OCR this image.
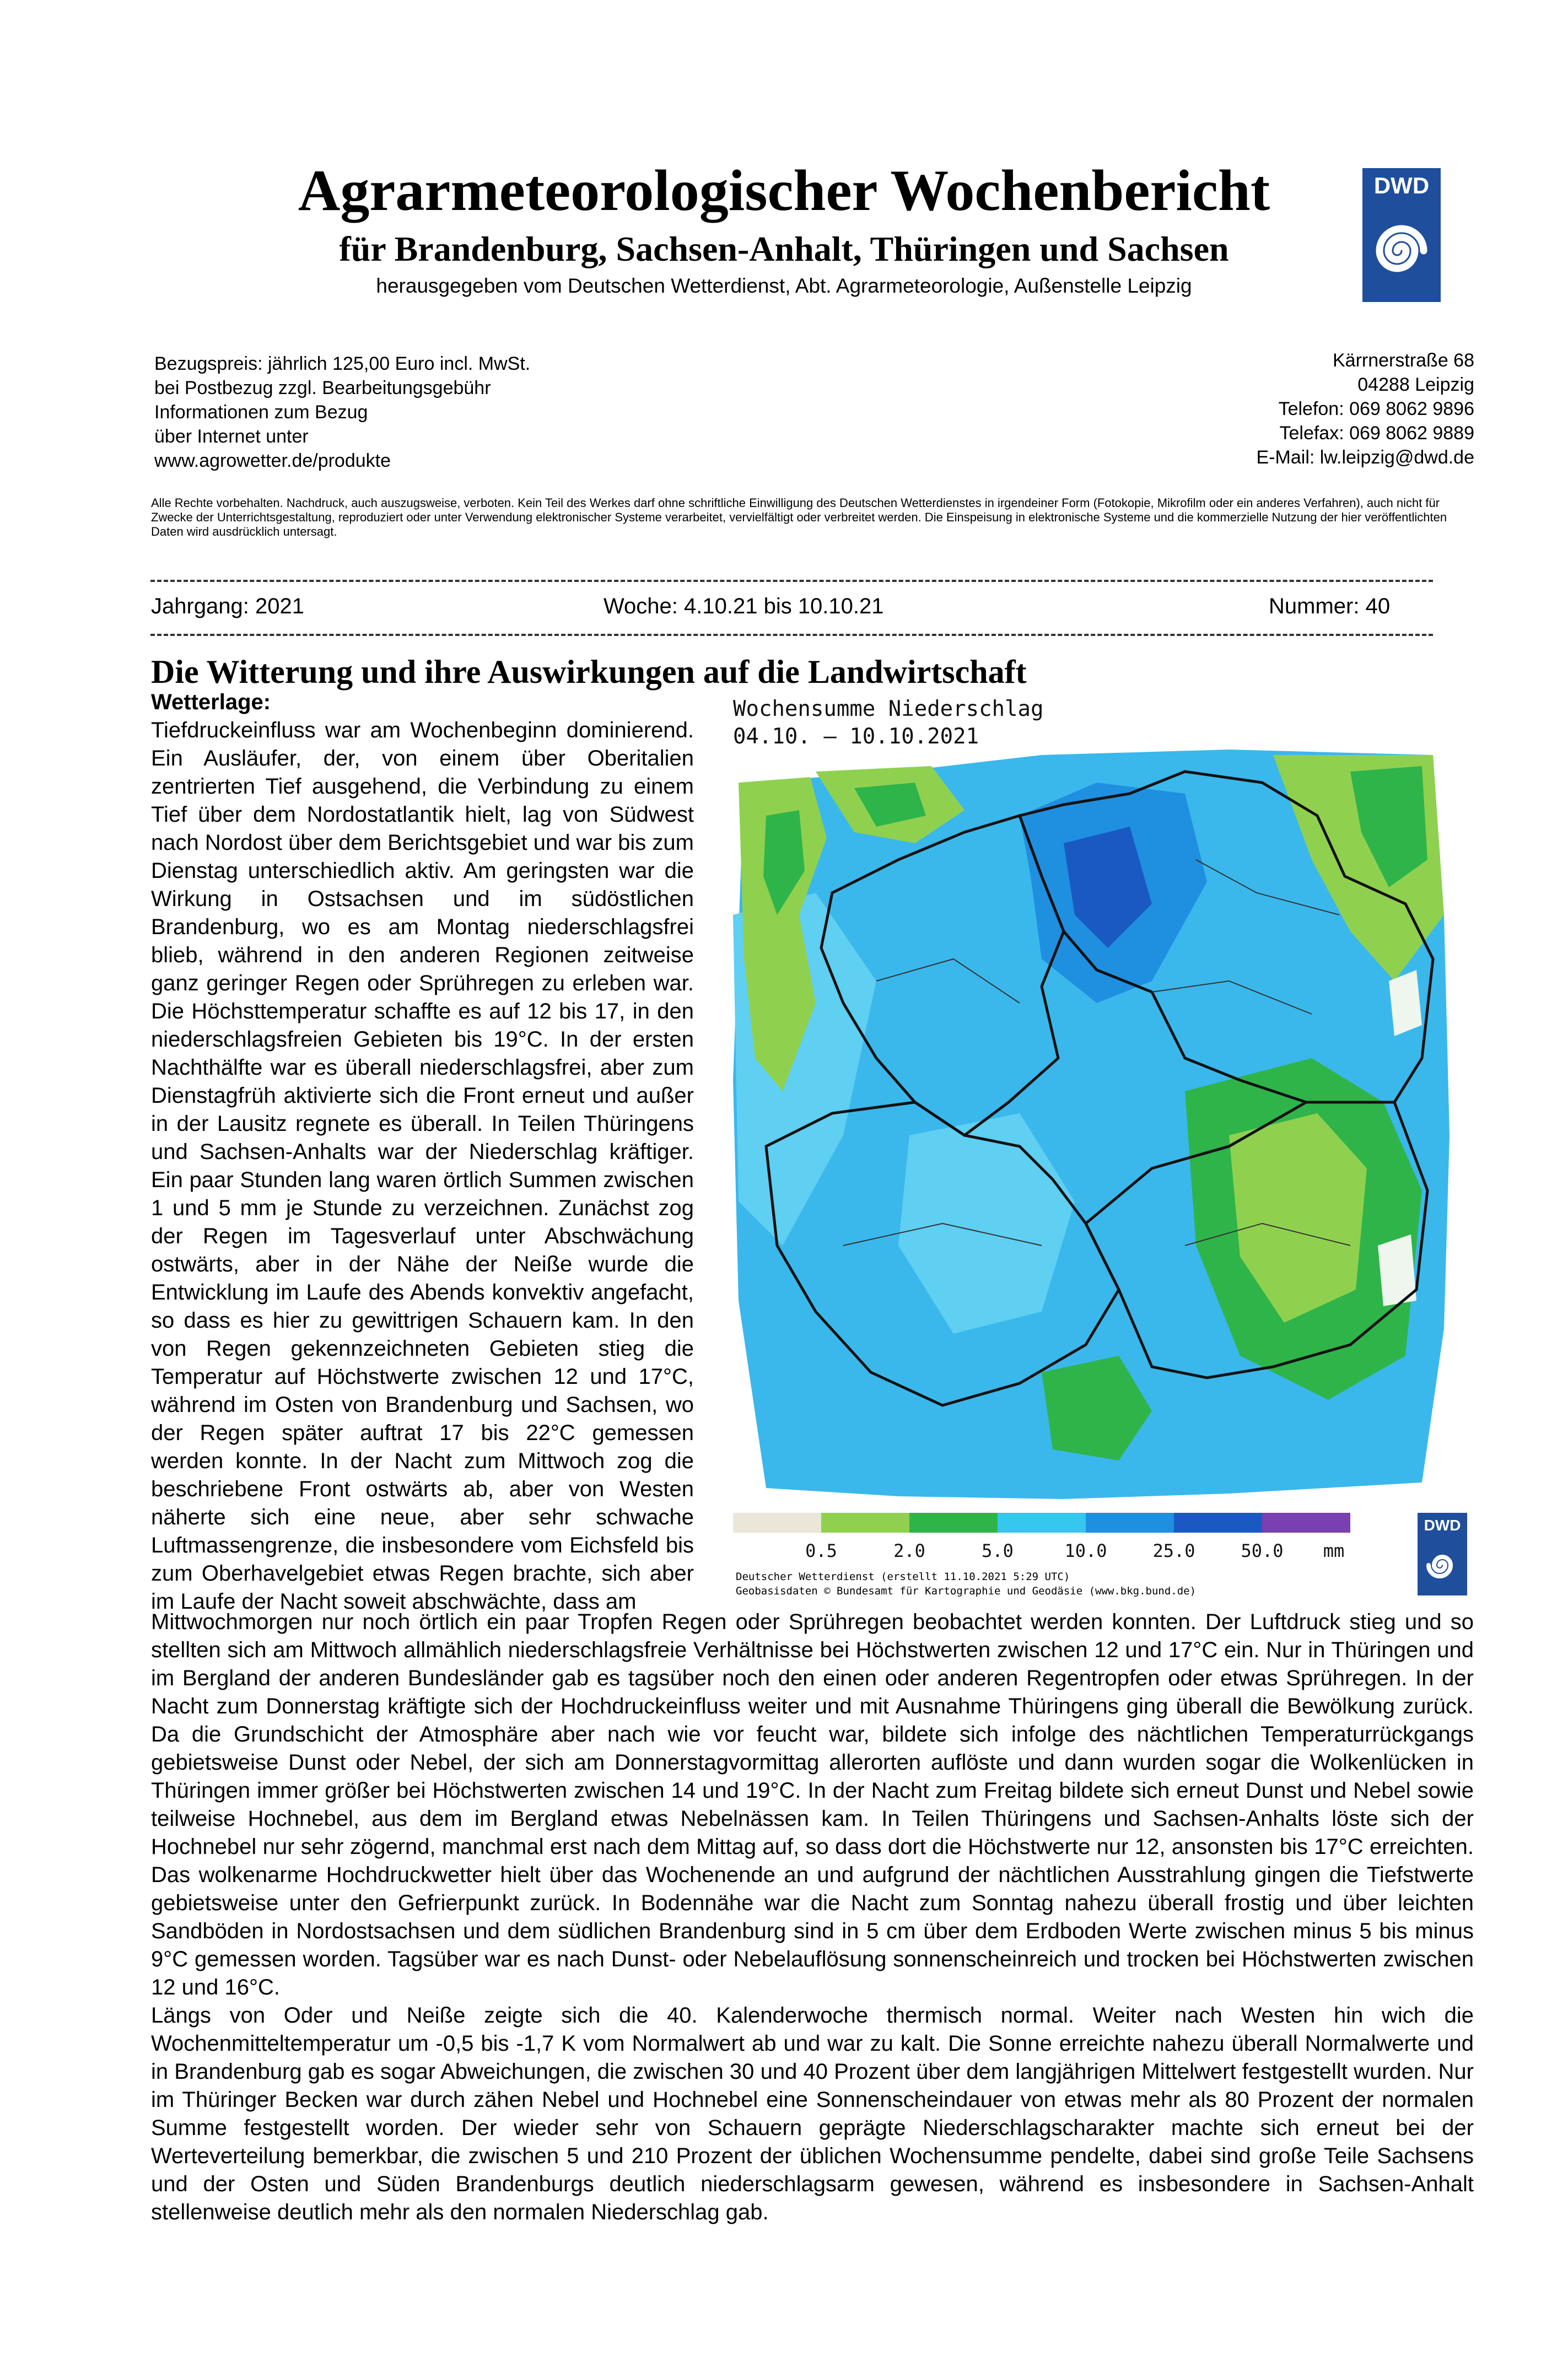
Agrarmeteorologischer Wochenbericht
für Brandenburg, Sachsen-Anhalt, Thüringen und Sachsen
herausgegeben vom Deutschen Wetterdienst, Abt. Agrarmeteorologie, Außenstelle Leipzig
DWD
Bezugspreis: jährlich 125,00 Euro incl. MwSt.
bei Postbezug zzgl. Bearbeitungsgebühr
Informationen zum Bezug
über Internet unter
www.agrowetter.de/produkte
Kärrnerstraße 68
04288 Leipzig
Telefon: 069 8062 9896
Telefax: 069 8062 9889
E-Mail: lw.leipzig@dwd.de
Alle Rechte vorbehalten. Nachdruck, auch auszugsweise, verboten. Kein Teil des Werkes darf ohne schriftliche Einwilligung des Deutschen Wetterdienstes in irgendeiner Form (Fotokopie, Mikrofilm oder ein anderes Verfahren), auch nicht für Zwecke der Unterrichtsgestaltung, reproduziert oder unter Verwendung elektronischer Systeme verarbeitet, vervielfältigt oder verbreitet werden. Die Einspeisung in elektronische Systeme und die kommerzielle Nutzung der hier veröffentlichten Daten wird ausdrücklich untersagt.
Jahrgang: 2021	Woche: 4.10.21 bis 10.10.21	Nummer: 40
Die Witterung und ihre Auswirkungen auf die Landwirtschaft
Wetterlage:

Tiefdruckeinfluss war am Wochenbeginn dominierend. Ein Ausläufer, der, von einem über Oberitalien zentrierten Tief ausgehend, die Verbindung zu einem Tief über dem Nordostatlantik hielt, lag von Südwest nach Nordost über dem Berichtsgebiet und war bis zum Dienstag unterschiedlich aktiv. Am geringsten war die Wirkung in Ostsachsen und im südöstlichen Brandenburg, wo es am Montag niederschlagsfrei blieb, während in den anderen Regionen zeitweise ganz geringer Regen oder Sprühregen zu erleben war. Die Höchsttemperatur schaffte es auf 12 bis 17, in den niederschlagsfreien Gebieten bis 19°C. In der ersten Nachthälfte war es überall niederschlagsfrei, aber zum Dienstagfrüh aktivierte sich die Front erneut und außer in der Lausitz regnete es überall. In Teilen Thüringens und Sachsen-Anhalts war der Niederschlag kräftiger. Ein paar Stunden lang waren örtlich Summen zwischen 1 und 5 mm je Stunde zu verzeichnen. Zunächst zog der Regen im Tagesverlauf unter Abschwächung ostwärts, aber in der Nähe der Neiße wurde die Entwicklung im Laufe des Abends konvektiv angefacht, so dass es hier zu gewittrigen Schauern kam. In den von Regen gekennzeichneten Gebieten stieg die Temperatur auf Höchstwerte zwischen 12 und 17°C, während im Osten von Brandenburg und Sachsen, wo der Regen später auftrat 17 bis 22°C gemessen werden konnte. In der Nacht zum Mittwoch zog die beschriebene Front ostwärts ab, aber von Westen näherte sich eine neue, aber sehr schwache Luftmassengrenze, die insbesondere vom Eichsfeld bis zum Oberhavelgebiet etwas Regen brachte, sich aber im Laufe der Nacht soweit abschwächte, dass am

Wochensumme Niederschlag
04.10. – 10.10.2021
0.5	2.0	5.0	10.0	25.0	50.0 mm
DWD
Deutscher Wetterdienst (erstellt 11.10.2021 5:29 UTC)
Geobasisdaten © Bundesamt für Kartographie und Geodäsie (www.bkg.bund.de)

Mittwochmorgen nur noch örtlich ein paar Tropfen Regen oder Sprühregen beobachtet werden konnten. Der Luftdruck stieg und so stellten sich am Mittwoch allmählich niederschlagsfreie Verhältnisse bei Höchstwerten zwischen 12 und 17°C ein. Nur in Thüringen und im Bergland der anderen Bundesländer gab es tagsüber noch den einen oder anderen Regentropfen oder etwas Sprühregen. In der Nacht zum Donnerstag kräftigte sich der Hochdruckeinfluss weiter und mit Ausnahme Thüringens ging überall die Bewölkung zurück. Da die Grundschicht der Atmosphäre aber nach wie vor feucht war, bildete sich infolge des nächtlichen Temperaturrückgangs gebietsweise Dunst oder Nebel, der sich am Donnerstagvormittag allerorten auflöste und dann wurden sogar die Wolkenlücken in Thüringen immer größer bei Höchstwerten zwischen 14 und 19°C. In der Nacht zum Freitag bildete sich erneut Dunst und Nebel sowie teilweise Hochnebel, aus dem im Bergland etwas Nebelnässen kam. In Teilen Thüringens und Sachsen-Anhalts löste sich der Hochnebel nur sehr zögernd, manchmal erst nach dem Mittag auf, so dass dort die Höchstwerte nur 12, ansonsten bis 17°C erreichten. Das wolkenarme Hochdruckwetter hielt über das Wochenende an und aufgrund der nächtlichen Ausstrahlung gingen die Tiefstwerte gebietsweise unter den Gefrierpunkt zurück. In Bodennähe war die Nacht zum Sonntag nahezu überall frostig und über leichten Sandböden in Nordostsachsen und dem südlichen Brandenburg sind in 5 cm über dem Erdboden Werte zwischen minus 5 bis minus 9°C gemessen worden. Tagsüber war es nach Dunst- oder Nebelauflösung sonnenscheinreich und trocken bei Höchstwerten zwischen 12 und 16°C.

Längs von Oder und Neiße zeigte sich die 40. Kalenderwoche thermisch normal. Weiter nach Westen hin wich die Wochenmitteltemperatur um -0,5 bis -1,7 K vom Normalwert ab und war zu kalt. Die Sonne erreichte nahezu überall Normalwerte und in Brandenburg gab es sogar Abweichungen, die zwischen 30 und 40 Prozent über dem langjährigen Mittelwert festgestellt wurden. Nur im Thüringer Becken war durch zähen Nebel und Hochnebel eine Sonnenscheindauer von etwas mehr als 80 Prozent der normalen Summe festgestellt worden. Der wieder sehr von Schauern geprägte Niederschlagscharakter machte sich erneut bei der Werteverteilung bemerkbar, die zwischen 5 und 210 Prozent der üblichen Wochensumme pendelte, dabei sind große Teile Sachsens und der Osten und Süden Brandenburgs deutlich niederschlagsarm gewesen, während es insbesondere in Sachsen-Anhalt stellenweise deutlich mehr als den normalen Niederschlag gab.
